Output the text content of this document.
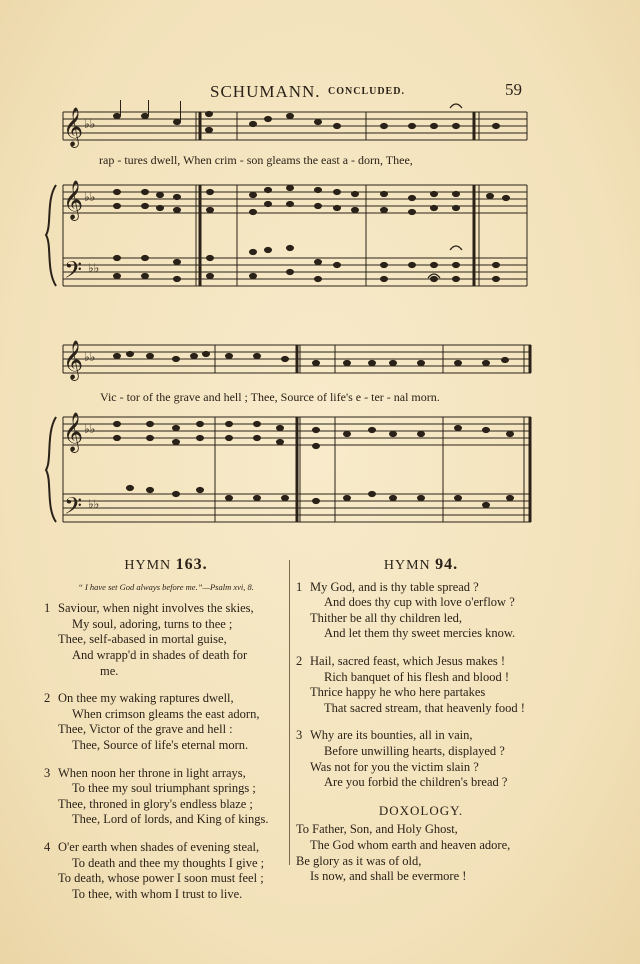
SCHUMANN. CONCLUDED.	59
𝄞
𝄞
𝄢
♭♭
♭♭
♭♭
rap - tures dwell, When crim - son gleams the east a - dorn, Thee,
𝄞
𝄞
𝄢
♭♭
♭♭
♭♭
Vic - tor of the grave and hell ; Thee, Source of life's e - ter - nal morn.
HYMN 163.
“ I have set God always before me.”—Psalm xvi, 8.
1 Saviour, when night involves the skies,
My soul, adoring, turns to thee ;
Thee, self-abased in mortal guise,
And wrapp'd in shades of death for
me.
2 On thee my waking raptures dwell,
When crimson gleams the east adorn,
Thee, Victor of the grave and hell :
Thee, Source of life's eternal morn.
3 When noon her throne in light arrays,
To thee my soul triumphant springs ;
Thee, throned in glory's endless blaze ;
Thee, Lord of lords, and King of kings.
4 O'er earth when shades of evening steal,
To death and thee my thoughts I give ;
To death, whose power I soon must feel ;
To thee, with whom I trust to live.
HYMN 94.
1 My God, and is thy table spread ?
And does thy cup with love o'erflow ?
Thither be all thy children led,
And let them thy sweet mercies know.
2 Hail, sacred feast, which Jesus makes !
Rich banquet of his flesh and blood !
Thrice happy he who here partakes
That sacred stream, that heavenly food !
3 Why are its bounties, all in vain,
Before unwilling hearts, displayed ?
Was not for you the victim slain ?
Are you forbid the children's bread ?
DOXOLOGY.
To Father, Son, and Holy Ghost,
The God whom earth and heaven adore,
Be glory as it was of old,
Is now, and shall be evermore !
